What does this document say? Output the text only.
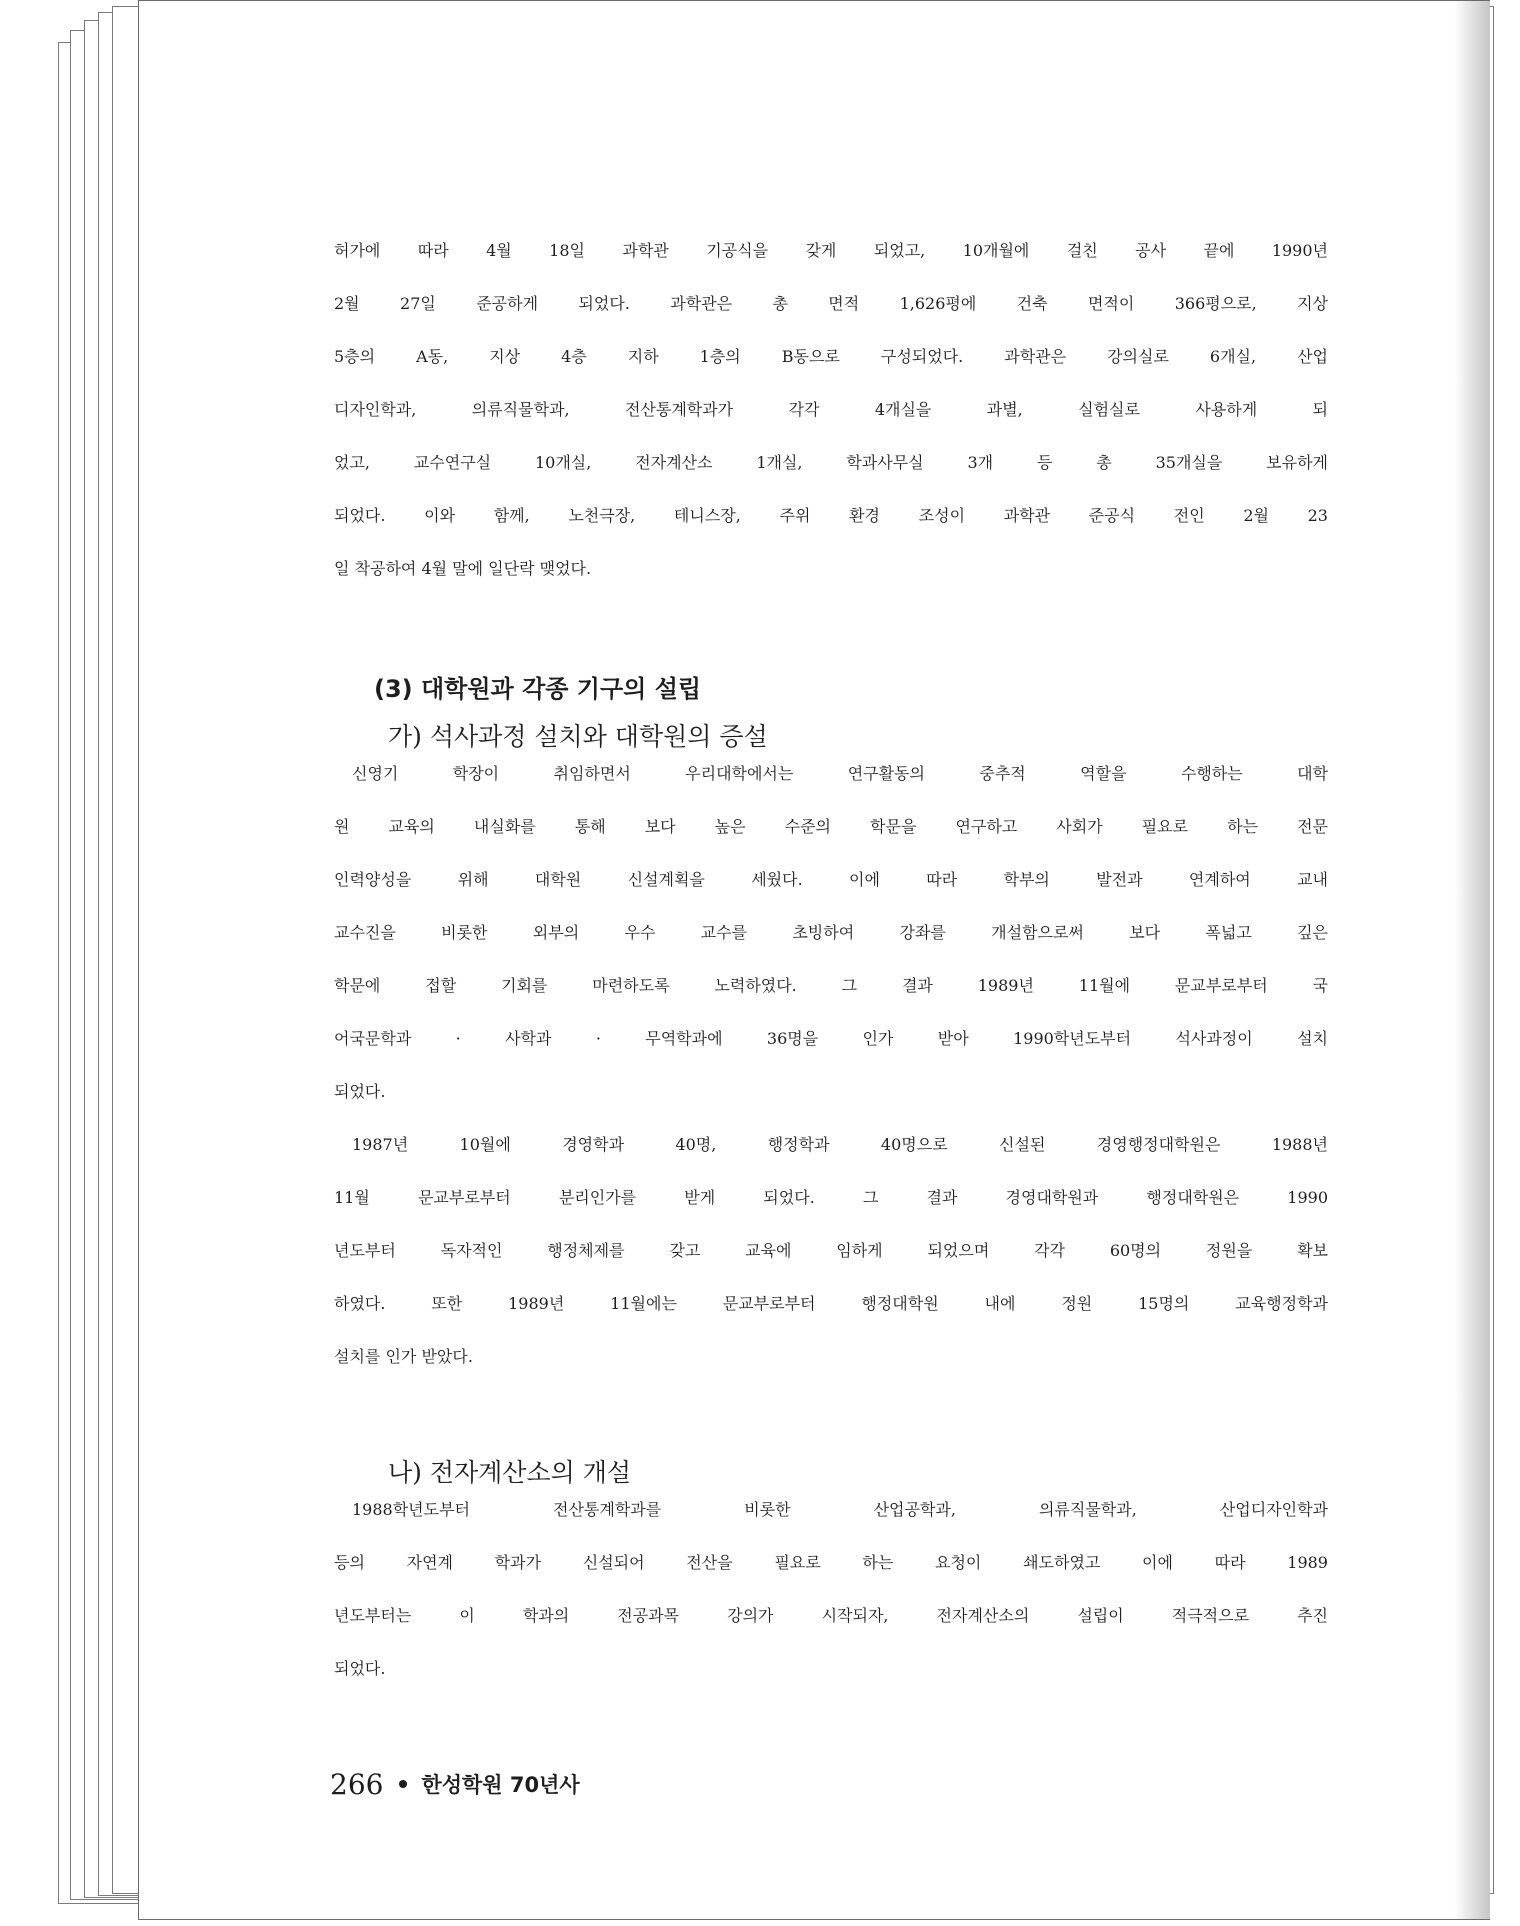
허가에 따라 4월 18일 과학관 기공식을 갖게 되었고, 10개월에 걸친 공사 끝에 1990년
2월 27일 준공하게 되었다. 과학관은 총 면적 1,626평에 건축 면적이 366평으로, 지상
5층의 A동, 지상 4층 지하 1층의 B동으로 구성되었다. 과학관은 강의실로 6개실, 산업
디자인학과, 의류직물학과, 전산통계학과가 각각 4개실을 과별, 실험실로 사용하게 되
었고, 교수연구실 10개실, 전자계산소 1개실, 학과사무실 3개 등 총 35개실을 보유하게
되었다. 이와 함께, 노천극장, 테니스장, 주위 환경 조성이 과학관 준공식 전인 2월 23
일 착공하여 4월 말에 일단락 맺었다.
(3) 대학원과 각종 기구의 설립
가) 석사과정 설치와 대학원의 증설
신영기 학장이 취임하면서 우리대학에서는 연구활동의 중추적 역할을 수행하는 대학
원 교육의 내실화를 통해 보다 높은 수준의 학문을 연구하고 사회가 필요로 하는 전문
인력양성을 위해 대학원 신설계획을 세웠다. 이에 따라 학부의 발전과 연계하여 교내
교수진을 비롯한 외부의 우수 교수를 초빙하여 강좌를 개설함으로써 보다 폭넓고 깊은
학문에 접할 기회를 마련하도록 노력하였다. 그 결과 1989년 11월에 문교부로부터 국
어국문학과 · 사학과 · 무역학과에 36명을 인가 받아 1990학년도부터 석사과정이 설치
되었다.
1987년 10월에 경영학과 40명, 행정학과 40명으로 신설된 경영행정대학원은 1988년
11월 문교부로부터 분리인가를 받게 되었다. 그 결과 경영대학원과 행정대학원은 1990
년도부터 독자적인 행정체제를 갖고 교육에 임하게 되었으며 각각 60명의 정원을 확보
하였다. 또한 1989년 11월에는 문교부로부터 행정대학원 내에 정원 15명의 교육행정학과
설치를 인가 받았다.
나) 전자계산소의 개설
1988학년도부터 전산통계학과를 비롯한 산업공학과, 의류직물학과, 산업디자인학과
등의 자연계 학과가 신설되어 전산을 필요로 하는 요청이 쇄도하였고 이에 따라 1989
년도부터는 이 학과의 전공과목 강의가 시작되자, 전자계산소의 설립이 적극적으로 추진
되었다.
266 한성학원 70년사
